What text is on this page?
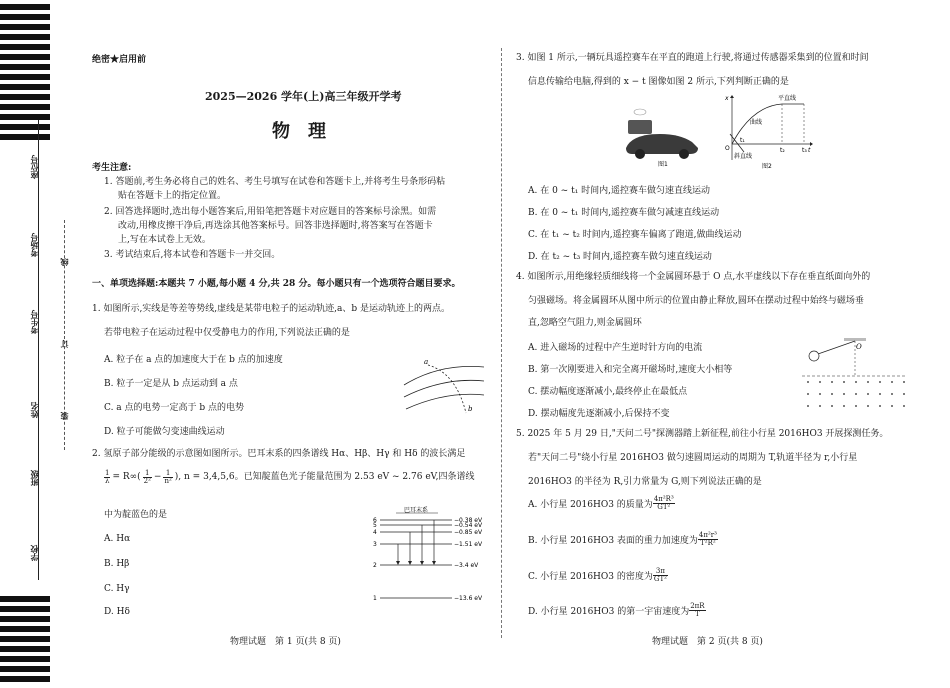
座位号
考场号
考生号
姓名
班级
学校
线
订
装
绝密★启用前
2025—2026 学年(上)高三年级开学考
物　理
考生注意:
1. 答题前,考生务必将自己的姓名、考生号填写在试卷和答题卡上,并将考生号条形码粘
贴在答题卡上的指定位置。
2. 回答选择题时,选出每小题答案后,用铅笔把答题卡对应题目的答案标号涂黑。如需
改动,用橡皮擦干净后,再选涂其他答案标号。回答非选择题时,将答案写在答题卡
上,写在本试卷上无效。
3. 考试结束后,将本试卷和答题卡一并交回。
一、单项选择题:本题共 7 小题,每小题 4 分,共 28 分。每小题只有一个选项符合题目要求。
1. 如图所示,实线是等差等势线,虚线是某带电粒子的运动轨迹,a、b 是运动轨迹上的两点。
若带电粒子在运动过程中仅受静电力的作用,下列说法正确的是
A. 粒子在 a 点的加速度大于在 b 点的加速度
B. 粒子一定是从 b 点运动到 a 点
C. a 点的电势一定高于 b 点的电势
D. 粒子可能做匀变速曲线运动
a
b
2. 氢原子部分能级的示意图如图所示。巴耳末系的四条谱线 Hα、Hβ、Hγ 和 Hδ 的波长满足
$\frac{1}{\lambda} = R\infty( \frac{1}{\text{2²}} - \frac{1}{\text{n²}}$ ), n = 3,4,5,6。已知靛蓝色光子能量范围为 2.53 eV ~ 2.76 eV,四条谱线
中为靛蓝色的是
A. Hα
B. Hβ
C. Hγ
D. Hδ
巴耳末系
6
5
4
3
2
1
−0.38 eV
−0.54 eV
−0.85 eV
−1.51 eV
−3.4 eV
−13.6 eV
物理试题　第 1 页(共 8 页)
3. 如图 1 所示,一辆玩具遥控赛车在平直的跑道上行驶,将通过传感器采集到的位置和时间
信息传输给电脑,得到的 x − t 图像如图 2 所示,下列判断正确的是
图1
x
t
O
t₁
t₂	t₃
曲线
平直线
斜直线
图2
A. 在 0 ~ t₁ 时间内,遥控赛车做匀速直线运动
B. 在 0 ~ t₁ 时间内,遥控赛车做匀减速直线运动
C. 在 t₁ ~ t₂ 时间内,遥控赛车偏离了跑道,做曲线运动
D. 在 t₂ ~ t₃ 时间内,遥控赛车做匀速直线运动
4. 如图所示,用绝缘轻质细线将一个金属圆环悬于 O 点,水平虚线以下存在垂直纸面向外的
匀强磁场。将金属圆环从图中所示的位置由静止释放,圆环在摆动过程中始终与磁场垂
直,忽略空气阻力,则金属圆环
A. 进入磁场的过程中产生逆时针方向的电流
B. 第一次刚要进入和完全离开磁场时,速度大小相等
C. 摆动幅度逐渐减小,最终停止在最低点
D. 摆动幅度先逐渐减小,后保持不变
O
5. 2025 年 5 月 29 日,"天问二号"探测器踏上新征程,前往小行星 2016HO3 开展探测任务。
若"天问二号"绕小行星 2016HO3 做匀速圆周运动的周期为 T,轨道半径为 r,小行星
2016HO3 的半径为 R,引力常量为 G,则下列说法正确的是
A. 小行星 2016HO3 的质量为 $\frac{\text{4π²R³}}{\text{GT²}}$
B. 小行星 2016HO3 表面的重力加速度为 $\frac{\text{4π²r³}}{\text{T²R²}}$
C. 小行星 2016HO3 的密度为 $\frac{3\pi}{\text{GT²}}$
D. 小行星 2016HO3 的第一宇宙速度为 $\frac{2\pi R}{T}$
物理试题　第 2 页(共 8 页)
